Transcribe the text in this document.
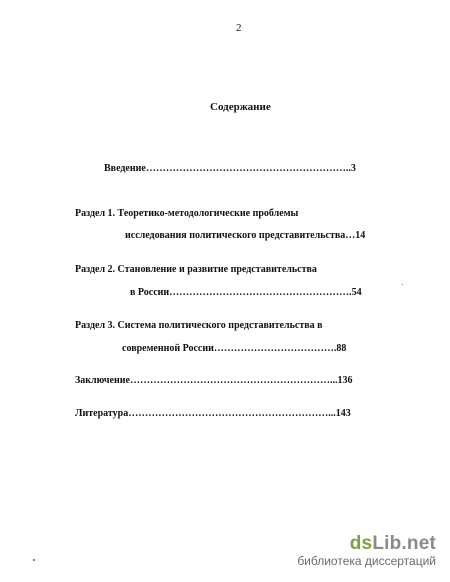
2
Содержание
Введение……………………………………………………..3
Раздел 1. Теоретико-методологические проблемы
исследования политического представительства…14
Раздел 2. Становление и развитие представительства
в России……………………………………………….54
Раздел 3. Система политического представительства в
современной России……………………………….88
Заключение……………………………………………………...136
Литература……………………………………………………...143
dsLib.net
библиотека диссертаций
